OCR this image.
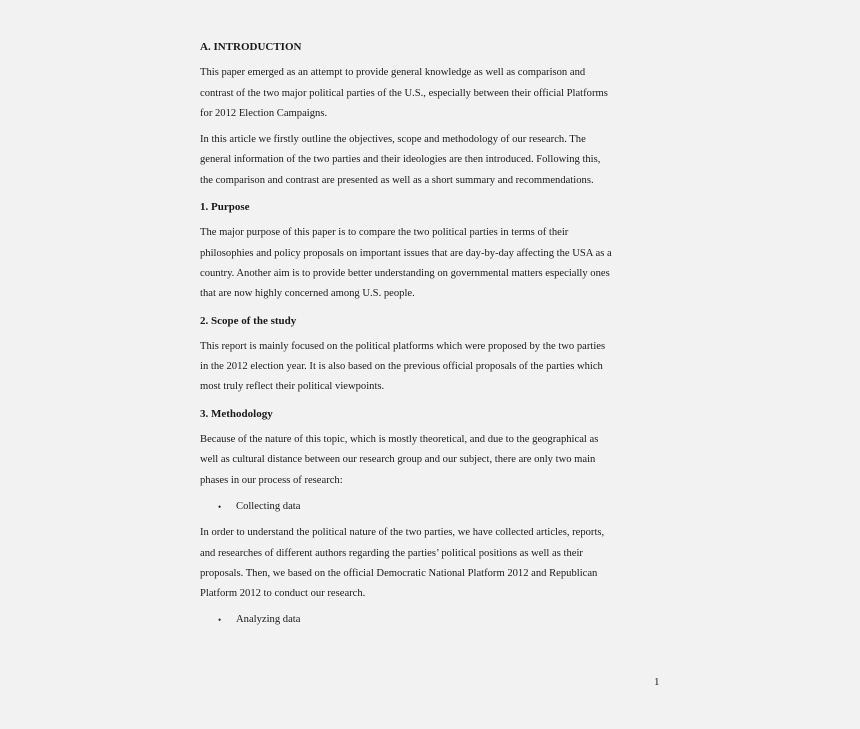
A. INTRODUCTION
This paper emerged as an attempt to provide general knowledge as well as comparison and
contrast of the two major political parties of the U.S., especially between their official Platforms
for 2012 Election Campaigns.
In this article we firstly outline the objectives, scope and methodology of our research. The
general information of the two parties and their ideologies are then introduced. Following this,
the comparison and contrast are presented as well as a short summary and recommendations.
1. Purpose
The major purpose of this paper is to compare the two political parties in terms of their
philosophies and policy proposals on important issues that are day-by-day affecting the USA as a
country. Another aim is to provide better understanding on governmental matters especially ones
that are now highly concerned among U.S. people.
2. Scope of the study
This report is mainly focused on the political platforms which were proposed by the two parties
in the 2012 election year. It is also based on the previous official proposals of the parties which
most truly reflect their political viewpoints.
3. Methodology
Because of the nature of this topic, which is mostly theoretical, and due to the geographical as
well as cultural distance between our research group and our subject, there are only two main
phases in our process of research:
•	Collecting data
In order to understand the political nature of the two parties, we have collected articles, reports,
and researches of different authors regarding the parties’ political positions as well as their
proposals. Then, we based on the official Democratic National Platform 2012 and Republican
Platform 2012 to conduct our research.
•	Analyzing data
1
